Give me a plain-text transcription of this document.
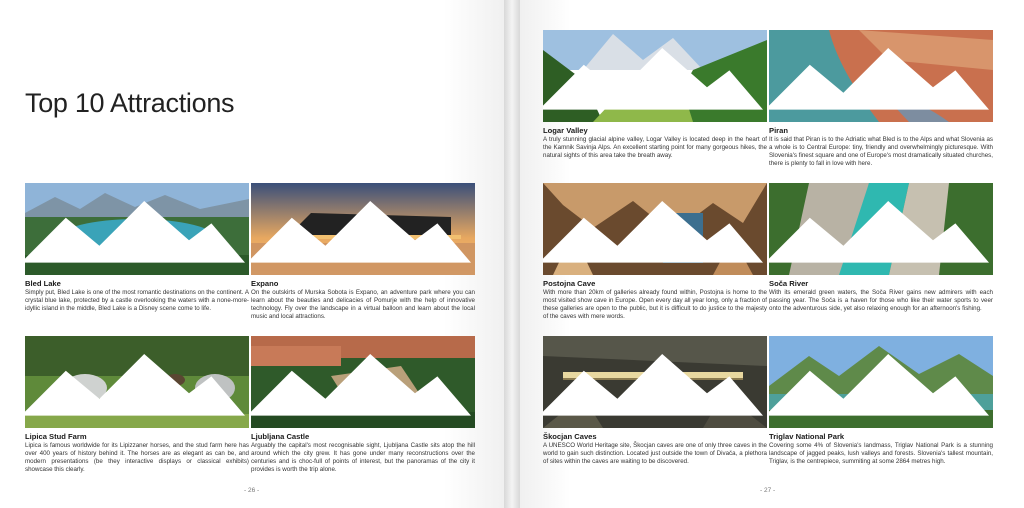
Top 10 Attractions
Bled Lake

Simply put, Bled Lake is one of the most romantic destinations on the continent. A crystal blue lake, protected by a castle overlooking the waters with a none-more-idyllic island in the middle, Bled Lake is a Disney scene come to life.

Expano

On the outskirts of Murska Sobota is Expano, an adventure park where you can learn about the beauties and delicacies of Pomurje with the help of innovative technology. Fly over the landscape in a virtual balloon and learn about the local music and local attractions.

Lipica Stud Farm

Lipica is famous worldwide for its Lipizzaner horses, and the stud farm here has over 400 years of history behind it. The horses are as elegant as can be, and modern presentations (be they interactive displays or classical exhibits) showcase this clearly.

Ljubljana Castle

Arguably the capital's most recognisable sight, Ljubljana Castle sits atop the hill around which the city grew. It has gone under many reconstructions over the centuries and is choc-full of points of interest, but the panoramas of the city it provides is worth the trip alone.

- 26 -
Logar Valley

A truly stunning glacial alpine valley, Logar Valley is located deep in the heart of the Kamnik Savinja Alps. An excellent starting point for many gorgeous hikes, the natural sights of this area take the breath away.

Piran

It is said that Piran is to the Adriatic what Bled is to the Alps and what Slovenia as a whole is to Central Europe: tiny, friendly and overwhelmingly picturesque. With Slovenia's finest square and one of Europe's most dramatically situated churches, there is plenty to fall in love with here.

Postojna Cave

With more than 20km of galleries already found within, Postojna is home to the most visited show cave in Europe. Open every day all year long, only a fraction of these galleries are open to the public, but it is difficult to do justice to the majesty of the caves with mere words.

Soča River

With its emerald green waters, the Soča River gains new admirers with each passing year. The Soča is a haven for those who like their water sports to veer onto the adventurous side, yet also relaxing enough for an afternoon's fishing.

Škocjan Caves

A UNESCO World Heritage site, Škocjan caves are one of only three caves in the world to gain such distinction. Located just outside the town of Divača, a plethora of sites within the caves are waiting to be discovered.

Triglav National Park

Covering some 4% of Slovenia's landmass, Triglav National Park is a stunning landscape of jagged peaks, lush valleys and forests. Slovenia's tallest mountain, Triglav, is the centrepiece, summiting at some 2864 metres high.

- 27 -
